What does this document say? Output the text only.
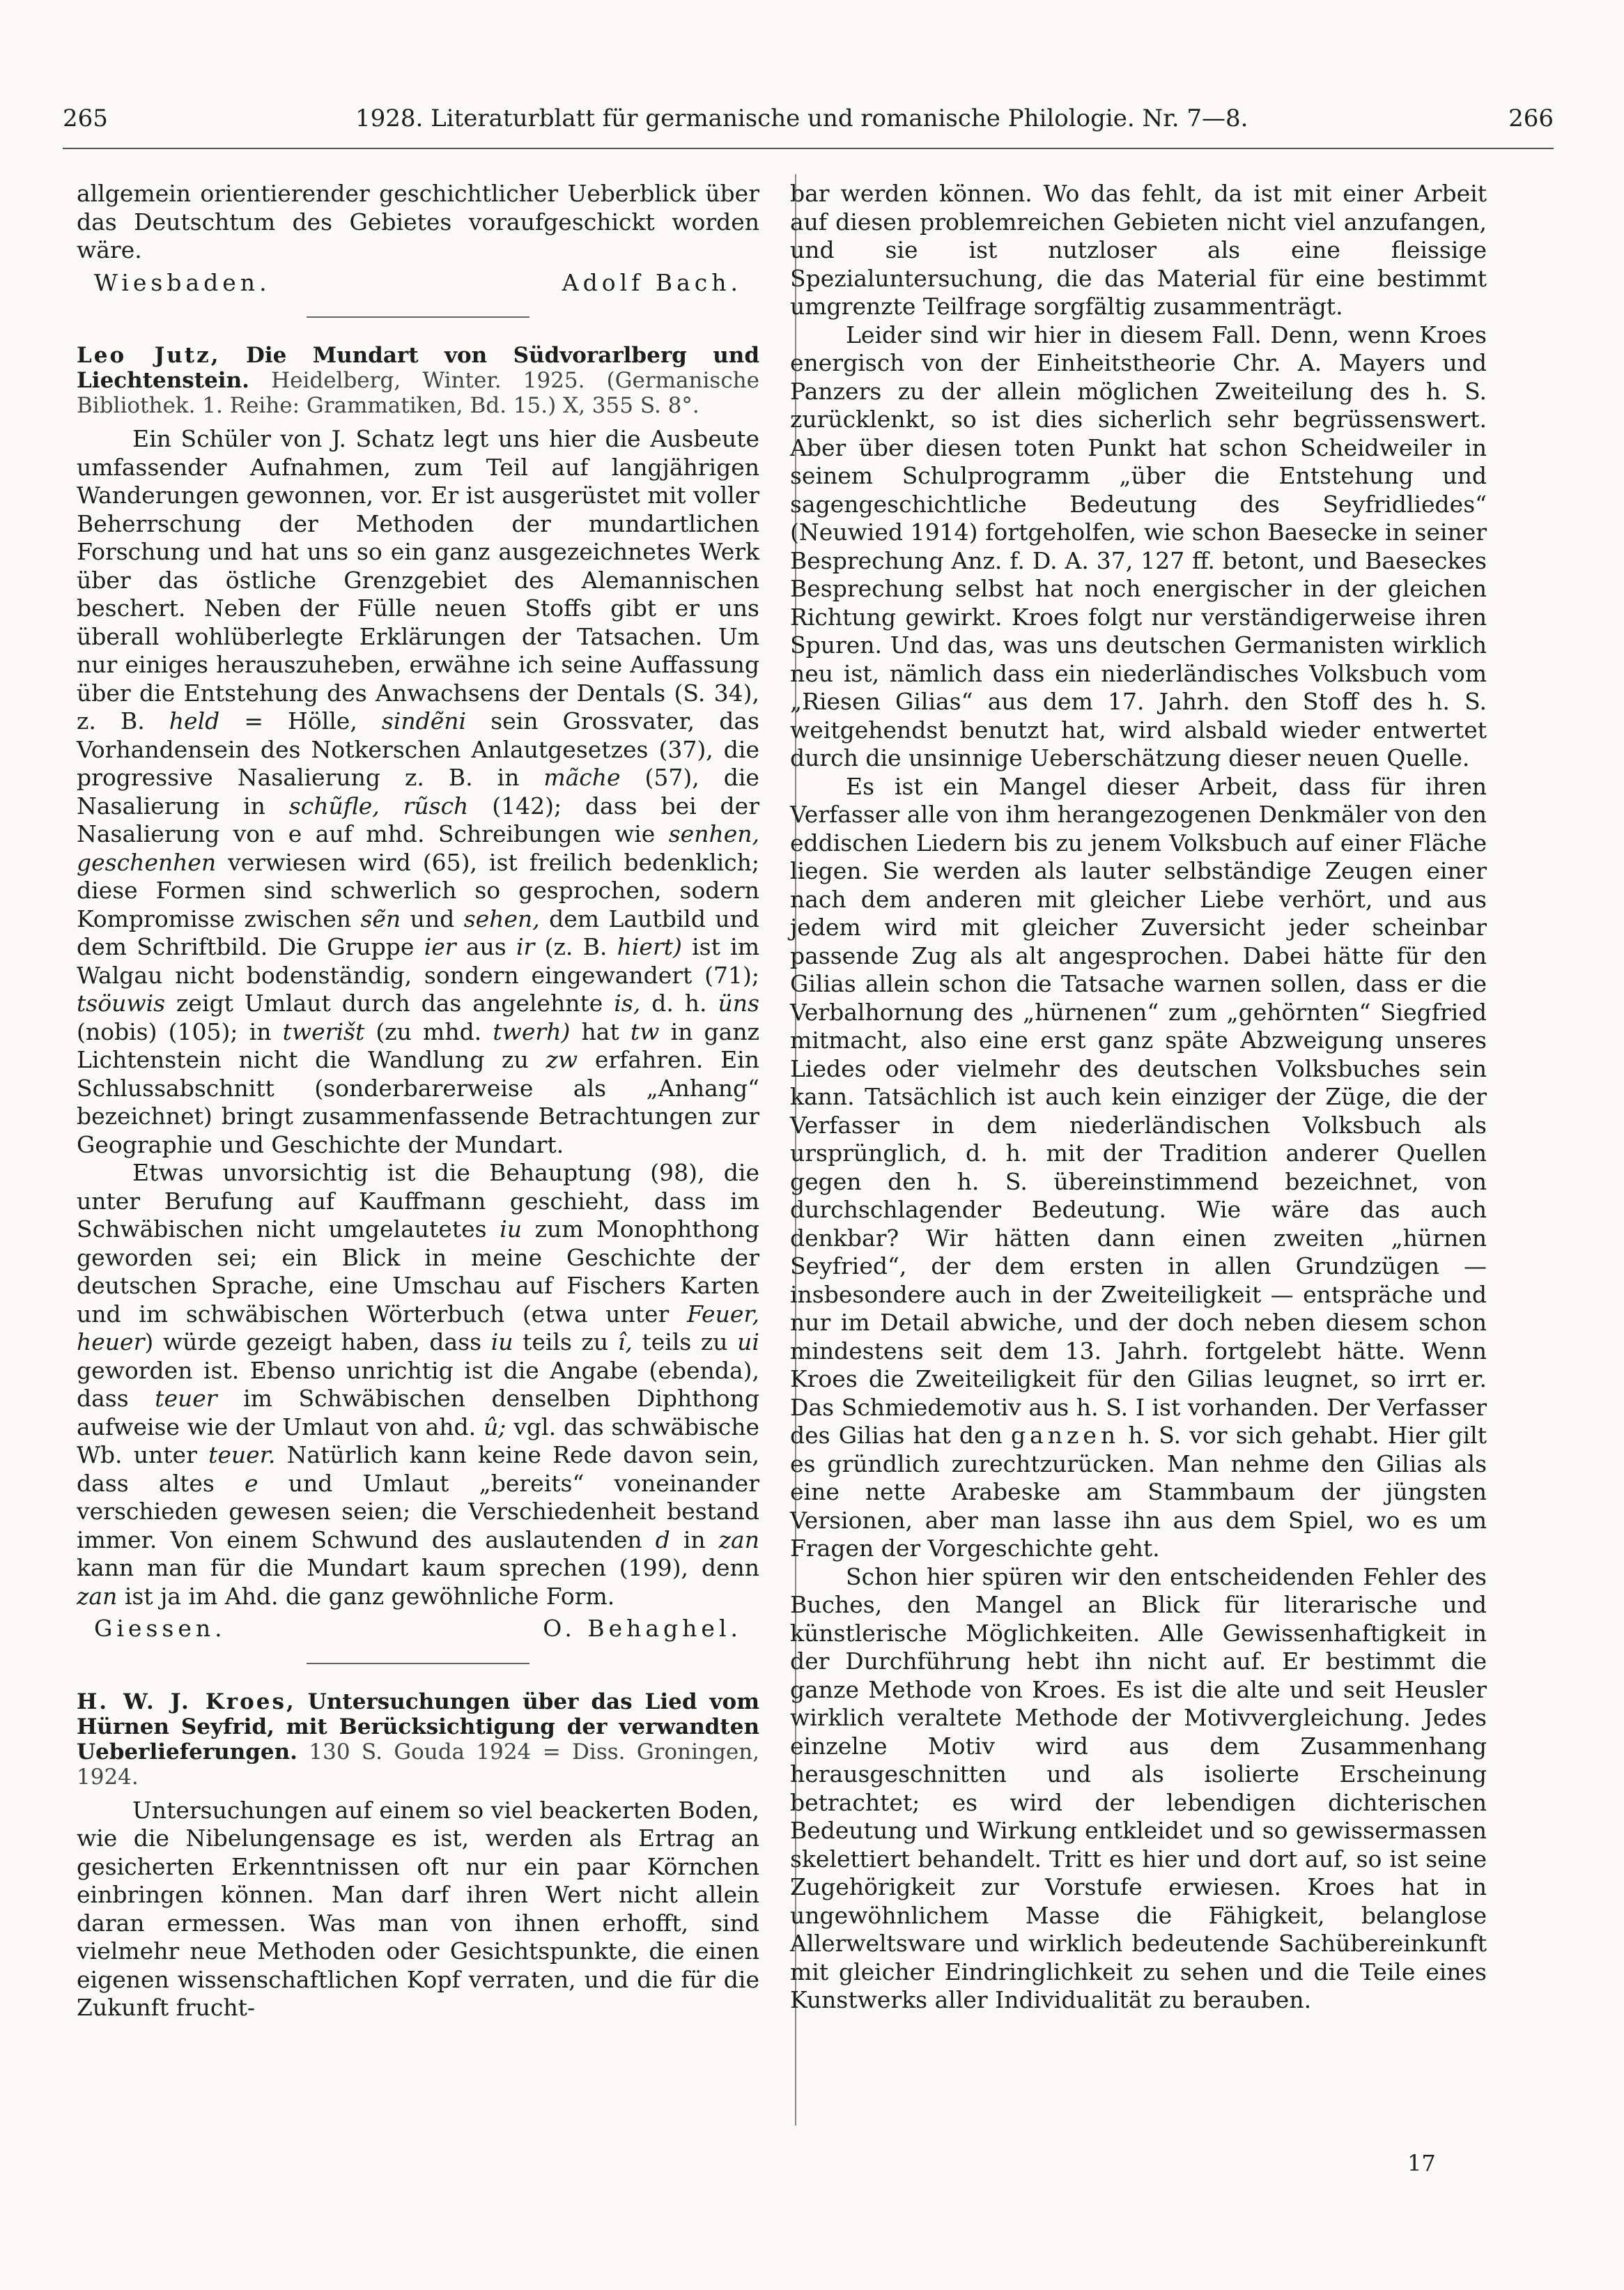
265	1928. Literaturblatt für germanische und romanische Philologie. Nr. 7—8.	266

allgemein orientierender geschichtlicher Ueberblick über das Deutschtum des Gebietes voraufgeschickt worden wäre.

Wiesbaden.	Adolf Bach.

Leo Jutz, Die Mundart von Südvorarlberg und Liechtenstein. Heidelberg, Winter. 1925. (Germanische Bibliothek. 1. Reihe: Grammatiken, Bd. 15.) X, 355 S. 8°.

Ein Schüler von J. Schatz legt uns hier die Ausbeute umfassender Aufnahmen, zum Teil auf langjährigen Wanderungen gewonnen, vor. Er ist ausgerüstet mit voller Beherrschung der Methoden der mundartlichen Forschung und hat uns so ein ganz ausgezeichnetes Werk über das östliche Grenzgebiet des Alemannischen beschert. Neben der Fülle neuen Stoffs gibt er uns überall wohlüberlegte Erklärungen der Tatsachen. Um nur einiges herauszuheben, erwähne ich seine Auffassung über die Entstehung des Anwachsens der Dentals (S. 34), z. B. held = Hölle, sindẽni sein Grossvater, das Vorhandensein des Notkerschen Anlautgesetzes (37), die progressive Nasalierung z. B. in mãche (57), die Nasalierung in schũfle, rũsch (142); dass bei der Nasalierung von e auf mhd. Schreibungen wie senhen, geschenhen verwiesen wird (65), ist freilich bedenklich; diese Formen sind schwerlich so gesprochen, sodern Kompromisse zwischen sẽn und sehen, dem Lautbild und dem Schriftbild. Die Gruppe ier aus ir (z. B. hiert) ist im Walgau nicht bodenständig, sondern eingewandert (71); tsöuwis zeigt Umlaut durch das angelehnte is, d. h. üns (nobis) (105); in twerišt (zu mhd. twerh) hat tw in ganz Lichtenstein nicht die Wandlung zu zw erfahren. Ein Schlussabschnitt (sonderbarerweise als „Anhang“ bezeichnet) bringt zusammenfassende Betrachtungen zur Geographie und Geschichte der Mundart.

Etwas unvorsichtig ist die Behauptung (98), die unter Berufung auf Kauffmann geschieht, dass im Schwäbischen nicht umgelautetes iu zum Monophthong geworden sei; ein Blick in meine Geschichte der deutschen Sprache, eine Umschau auf Fischers Karten und im schwäbischen Wörterbuch (etwa unter Feuer, heuer) würde gezeigt haben, dass iu teils zu î, teils zu ui geworden ist. Ebenso unrichtig ist die Angabe (ebenda), dass teuer im Schwäbischen denselben Diphthong aufweise wie der Umlaut von ahd. û; vgl. das schwäbische Wb. unter teuer. Natürlich kann keine Rede davon sein, dass altes e und Umlaut „bereits“ voneinander verschieden gewesen seien; die Verschiedenheit bestand immer. Von einem Schwund des auslautenden d in zan kann man für die Mundart kaum sprechen (199), denn zan ist ja im Ahd. die ganz gewöhnliche Form.

Giessen.	O. Behaghel.

H. W. J. Kroes, Untersuchungen über das Lied vom Hürnen Seyfrid, mit Berücksichtigung der verwandten Ueberlieferungen. 130 S. Gouda 1924 = Diss. Groningen, 1924.

Untersuchungen auf einem so viel beackerten Boden, wie die Nibelungensage es ist, werden als Ertrag an gesicherten Erkenntnissen oft nur ein paar Körnchen einbringen können. Man darf ihren Wert nicht allein daran ermessen. Was man von ihnen erhofft, sind vielmehr neue Methoden oder Gesichtspunkte, die einen eigenen wissenschaftlichen Kopf verraten, und die für die Zukunft frucht-

bar werden können. Wo das fehlt, da ist mit einer Arbeit auf diesen problemreichen Gebieten nicht viel anzufangen, und sie ist nutzloser als eine fleissige Spezialuntersuchung, die das Material für eine bestimmt umgrenzte Teilfrage sorgfältig zusammenträgt.

Leider sind wir hier in diesem Fall. Denn, wenn Kroes energisch von der Einheitstheorie Chr. A. Mayers und Panzers zu der allein möglichen Zweiteilung des h. S. zurücklenkt, so ist dies sicherlich sehr begrüssenswert. Aber über diesen toten Punkt hat schon Scheidweiler in seinem Schulprogramm „über die Entstehung und sagengeschichtliche Bedeutung des Seyfridliedes“ (Neuwied 1914) fortgeholfen, wie schon Baesecke in seiner Besprechung Anz. f. D. A. 37, 127 ff. betont, und Baeseckes Besprechung selbst hat noch energischer in der gleichen Richtung gewirkt. Kroes folgt nur verständigerweise ihren Spuren. Und das, was uns deutschen Germanisten wirklich neu ist, nämlich dass ein niederländisches Volksbuch vom „Riesen Gilias“ aus dem 17. Jahrh. den Stoff des h. S. weitgehendst benutzt hat, wird alsbald wieder entwertet durch die unsinnige Ueberschätzung dieser neuen Quelle.

Es ist ein Mangel dieser Arbeit, dass für ihren Verfasser alle von ihm herangezogenen Denkmäler von den eddischen Liedern bis zu jenem Volksbuch auf einer Fläche liegen. Sie werden als lauter selbständige Zeugen einer nach dem anderen mit gleicher Liebe verhört, und aus jedem wird mit gleicher Zuversicht jeder scheinbar passende Zug als alt angesprochen. Dabei hätte für den Gilias allein schon die Tatsache warnen sollen, dass er die Verbalhornung des „hürnenen“ zum „gehörnten“ Siegfried mitmacht, also eine erst ganz späte Abzweigung unseres Liedes oder vielmehr des deutschen Volksbuches sein kann. Tatsächlich ist auch kein einziger der Züge, die der Verfasser in dem niederländischen Volksbuch als ursprünglich, d. h. mit der Tradition anderer Quellen gegen den h. S. übereinstimmend bezeichnet, von durchschlagender Bedeutung. Wie wäre das auch denkbar? Wir hätten dann einen zweiten „hürnen Seyfried“, der dem ersten in allen Grundzügen — insbesondere auch in der Zweiteiligkeit — entspräche und nur im Detail abwiche, und der doch neben diesem schon mindestens seit dem 13. Jahrh. fortgelebt hätte. Wenn Kroes die Zweiteiligkeit für den Gilias leugnet, so irrt er. Das Schmiedemotiv aus h. S. I ist vorhanden. Der Verfasser des Gilias hat den ganzen h. S. vor sich gehabt. Hier gilt es gründlich zurechtzurücken. Man nehme den Gilias als eine nette Arabeske am Stammbaum der jüngsten Versionen, aber man lasse ihn aus dem Spiel, wo es um Fragen der Vorgeschichte geht.

Schon hier spüren wir den entscheidenden Fehler des Buches, den Mangel an Blick für literarische und künstlerische Möglichkeiten. Alle Gewissenhaftigkeit in der Durchführung hebt ihn nicht auf. Er bestimmt die ganze Methode von Kroes. Es ist die alte und seit Heusler wirklich veraltete Methode der Motivvergleichung. Jedes einzelne Motiv wird aus dem Zusammenhang herausgeschnitten und als isolierte Erscheinung betrachtet; es wird der lebendigen dichterischen Bedeutung und Wirkung entkleidet und so gewissermassen skelettiert behandelt. Tritt es hier und dort auf, so ist seine Zugehörigkeit zur Vorstufe erwiesen. Kroes hat in ungewöhnlichem Masse die Fähigkeit, belanglose Allerweltsware und wirklich bedeutende Sachübereinkunft mit gleicher Eindringlichkeit zu sehen und die Teile eines Kunstwerks aller Individualität zu berauben.

17
